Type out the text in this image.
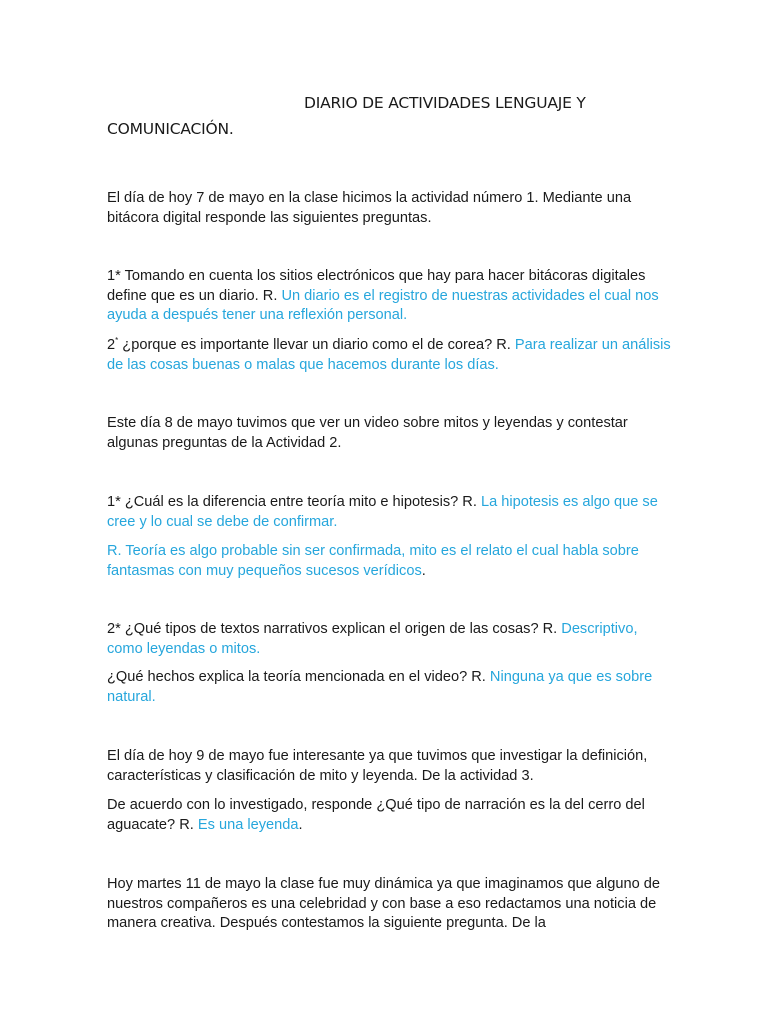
DIARIO DE ACTIVIDADES LENGUAJE Y
COMUNICACIÓN.

El día de hoy 7 de mayo en la clase hicimos la actividad número 1. Mediante una bitácora digital responde las siguientes preguntas.

1* Tomando en cuenta los sitios electrónicos que hay para hacer bitácoras digitales define que es un diario. R. Un diario es el registro de nuestras actividades el cual nos ayuda a después tener una reflexión personal.

2* ¿porque es importante llevar un diario como el de corea? R. Para realizar un análisis de las cosas buenas o malas que hacemos durante los días.

Este día 8 de mayo tuvimos que ver un video sobre mitos y leyendas y contestar algunas preguntas de la Actividad 2.

1* ¿Cuál es la diferencia entre teoría mito e hipotesis? R. La hipotesis es algo que se cree y lo cual se debe de confirmar.

R. Teoría es algo probable sin ser confirmada, mito es el relato el cual habla sobre fantasmas con muy pequeños sucesos verídicos.

2* ¿Qué tipos de textos narrativos explican el origen de las cosas? R. Descriptivo, como leyendas o mitos.

¿Qué hechos explica la teoría mencionada en el video? R. Ninguna ya que es sobre natural.

El día de hoy 9 de mayo fue interesante ya que tuvimos que investigar la definición, características y clasificación de mito y leyenda. De la actividad 3.

De acuerdo con lo investigado, responde ¿Qué tipo de narración es la del cerro del aguacate? R. Es una leyenda.

Hoy martes 11 de mayo la clase fue muy dinámica ya que imaginamos que alguno de nuestros compañeros es una celebridad y con base a eso redactamos una noticia de manera creativa. Después contestamos la siguiente pregunta. De la
